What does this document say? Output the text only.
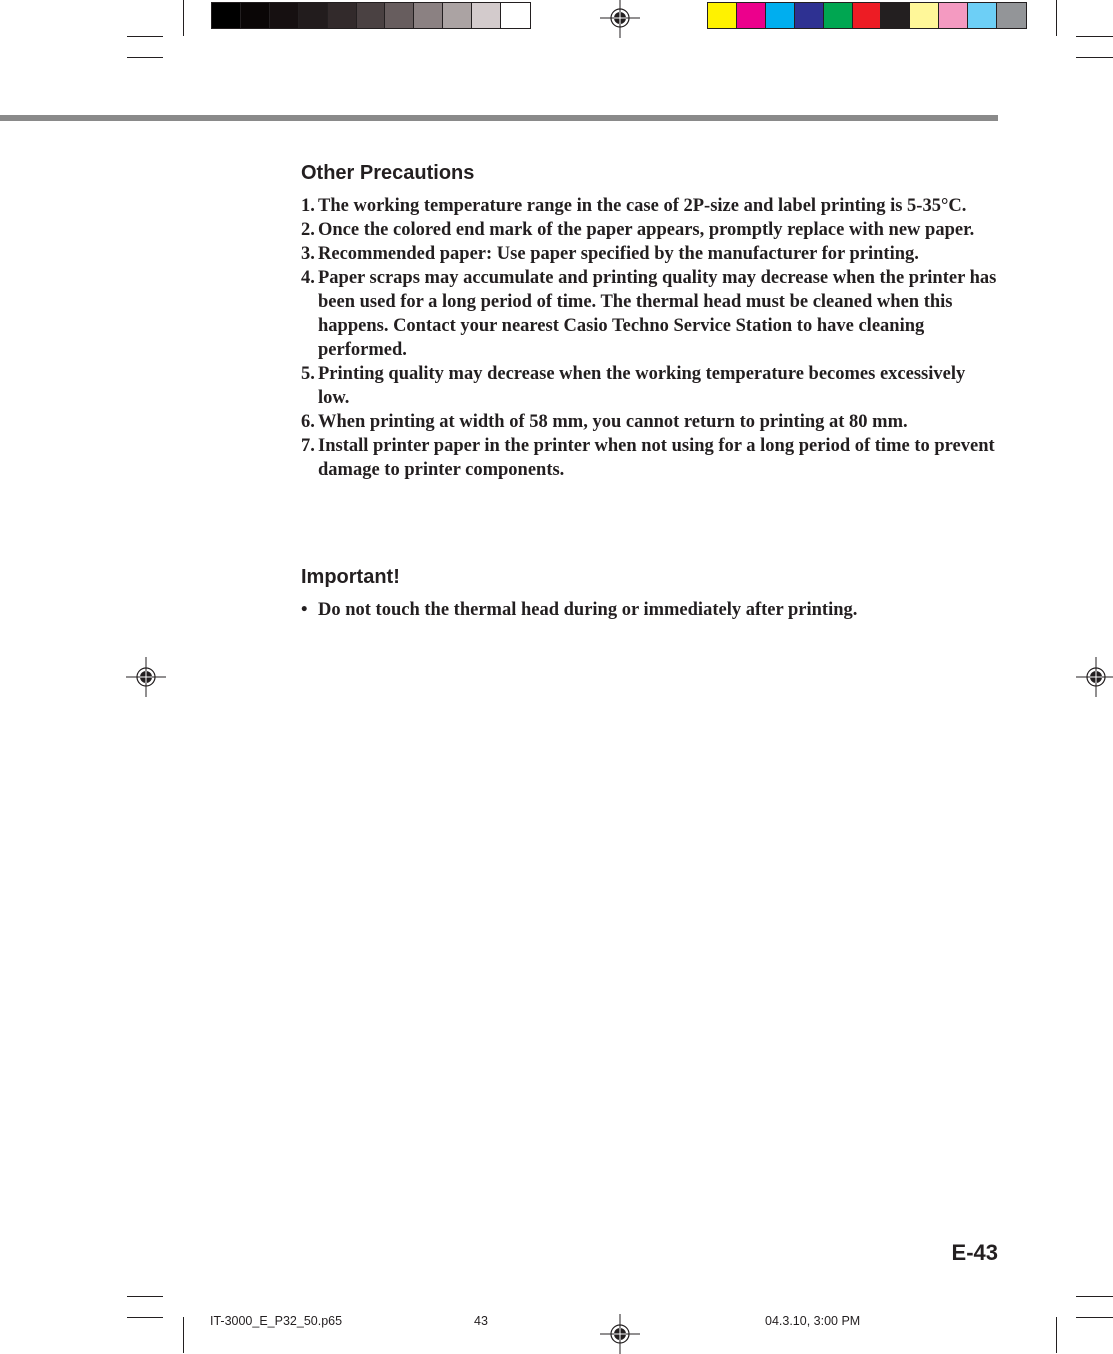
Other Precautions
1. The working temperature range in the case of 2P-size and label printing is 5-35°C.
2. Once the colored end mark of the paper appears, promptly replace with new paper.
3. Recommended paper: Use paper specified by the manufacturer for printing.
4. Paper scraps may accumulate and printing quality may decrease when the printer has been used for a long period of time. The thermal head must be cleaned when this happens. Contact your nearest Casio Techno Service Station to have cleaning performed.
5. Printing quality may decrease when the working temperature becomes excessively low.
6. When printing at width of 58 mm, you cannot return to printing at 80 mm.
7. Install printer paper in the printer when not using for a long period of time to prevent damage to printer components.
Important!
• Do not touch the thermal head during or immediately after printing.
E-43
IT-3000_E_P32_50.p65	43	04.3.10, 3:00 PM
